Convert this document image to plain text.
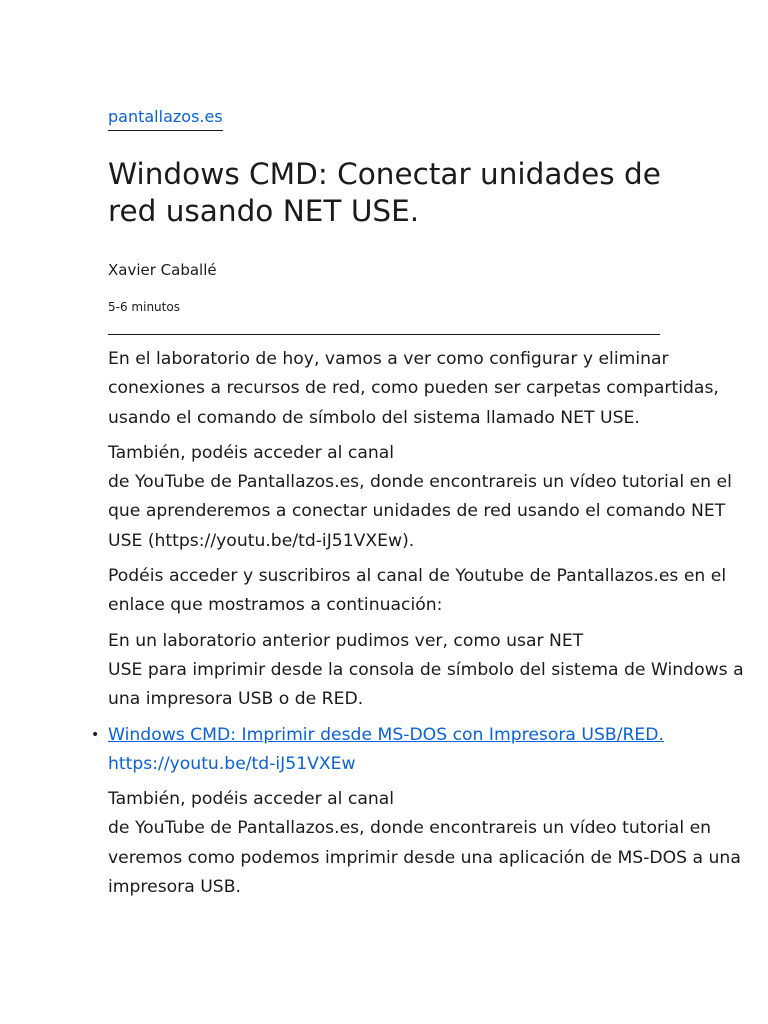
pantallazos.es
Windows CMD: Conectar unidades de red usando NET USE.

Xavier Caballé

5-6 minutos

En el laboratorio de hoy, vamos a ver como configurar y eliminar conexiones a recursos de red, como pueden ser carpetas compartidas, usando el comando de símbolo del sistema llamado NET USE.

También, podéis acceder al canal
de YouTube de Pantallazos.es, donde encontrareis un vídeo tutorial en el que aprenderemos a conectar unidades de red usando el comando NET USE (https://youtu.be/td-iJ51VXEw).

Podéis acceder y suscribiros al canal de Youtube de Pantallazos.es en el enlace que mostramos a continuación:

En un laboratorio anterior pudimos ver, como usar NET
USE para imprimir desde la consola de símbolo del sistema de Windows a una impresora USB o de RED.

• Windows CMD: Imprimir desde MS-DOS con Impresora USB/RED. https://youtu.be/td-iJ51VXEw

También, podéis acceder al canal
de YouTube de Pantallazos.es, donde encontrareis un vídeo tutorial en veremos como podemos imprimir desde una aplicación de MS-DOS a una impresora USB.
